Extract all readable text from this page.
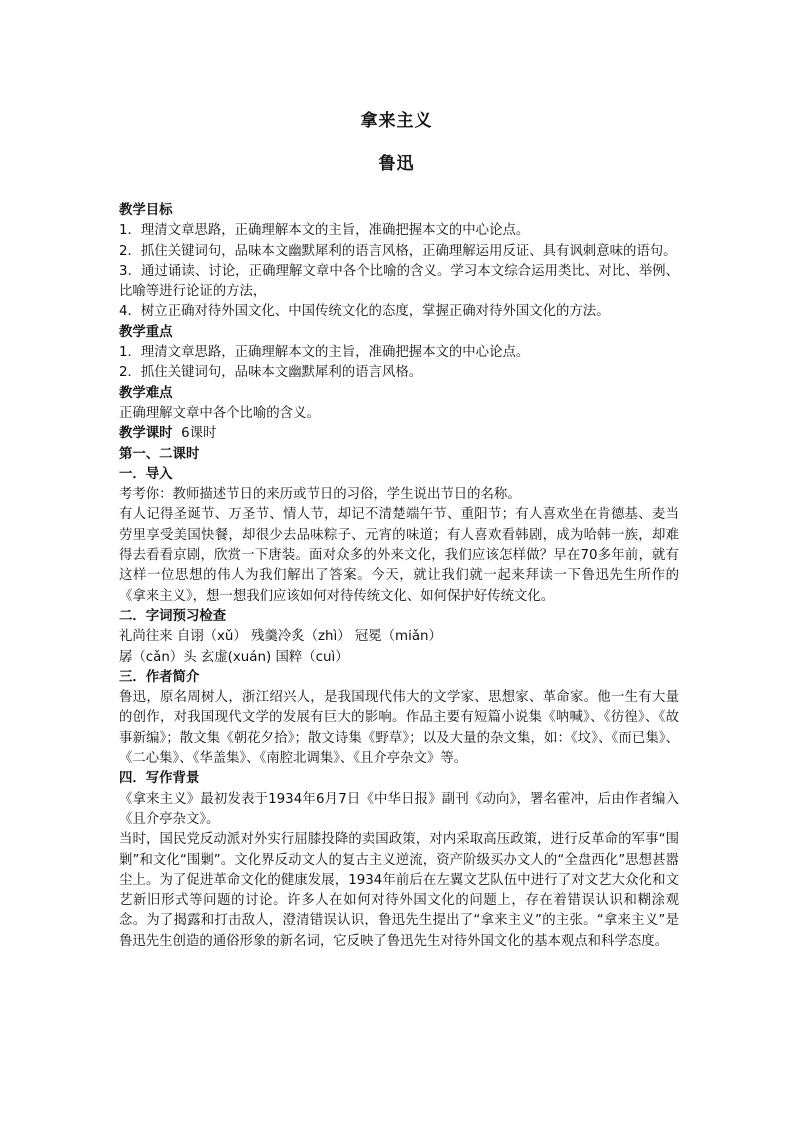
拿来主义
鲁迅

教学目标

1．理清文章思路，正确理解本文的主旨，准确把握本文的中心论点。

2．抓住关键词句，品味本文幽默犀利的语言风格，正确理解运用反证、具有讽刺意味的语句。

3．通过诵读、讨论，正确理解文章中各个比喻的含义。学习本文综合运用类比、对比、举例、比喻等进行论证的方法，

4．树立正确对待外国文化、中国传统文化的态度，掌握正确对待外国文化的方法。

教学重点

1．理清文章思路，正确理解本文的主旨，准确把握本文的中心论点。

2．抓住关键词句，品味本文幽默犀利的语言风格。

教学难点

正确理解文章中各个比喻的含义。

教学课时 6课时

第一、二课时

一．导入

考考你：教师描述节日的来历或节日的习俗，学生说出节日的名称。

有人记得圣诞节、万圣节、情人节，却记不清楚端午节、重阳节；有人喜欢坐在肯德基、麦当劳里享受美国快餐，却很少去品味粽子、元宵的味道；有人喜欢看韩剧，成为哈韩一族，却难得去看看京剧，欣赏一下唐装。面对众多的外来文化，我们应该怎样做？早在70多年前，就有这样一位思想的伟人为我们解出了答案。今天，就让我们就一起来拜读一下鲁迅先生所作的《拿来主义》，想一想我们应该如何对待传统文化、如何保护好传统文化。

二．字词预习检查

礼尚往来 自诩（xǔ） 残羹冷炙（zhì） 冠冕（miǎn）

孱（cǎn）头 玄虚(xuán) 国粹（cuì）

三．作者简介

鲁迅，原名周树人，浙江绍兴人，是我国现代伟大的文学家、思想家、革命家。他一生有大量的创作，对我国现代文学的发展有巨大的影响。作品主要有短篇小说集《呐喊》、《彷徨》、《故事新编》；散文集《朝花夕拾》；散文诗集《野草》；以及大量的杂文集，如：《坟》、《而已集》、《二心集》、《华盖集》、《南腔北调集》、《且介亭杂文》等。

四．写作背景

《拿来主义》最初发表于1934年6月7日《中华日报》副刊《动向》，署名霍冲，后由作者编入《且介亭杂文》。

当时，国民党反动派对外实行屈膝投降的卖国政策，对内采取高压政策，进行反革命的军事“围剿”和文化“围剿”。文化界反动文人的复古主义逆流，资产阶级买办文人的“全盘西化”思想甚嚣尘上。为了促进革命文化的健康发展，1934年前后在左翼文艺队伍中进行了对文艺大众化和文艺新旧形式等问题的讨论。许多人在如何对待外国文化的问题上，存在着错误认识和糊涂观念。为了揭露和打击敌人，澄清错误认识，鲁迅先生提出了“拿来主义”的主张。“拿来主义”是鲁迅先生创造的通俗形象的新名词，它反映了鲁迅先生对待外国文化的基本观点和科学态度。
